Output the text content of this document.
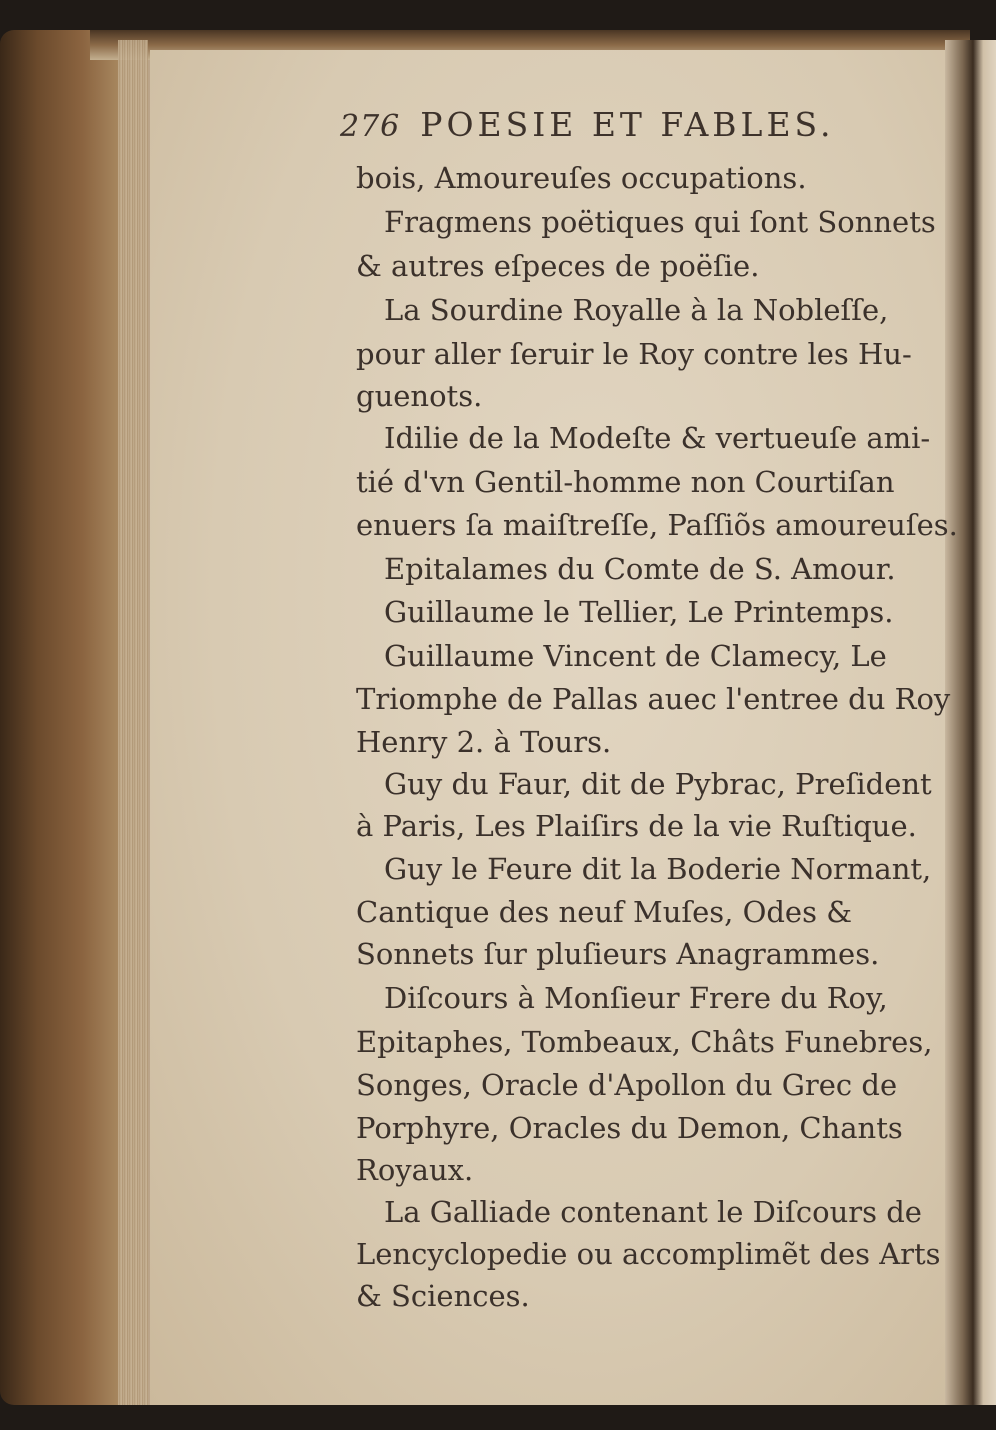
276 POESIE ET FABLES.
bois, Amoureuſes occupations.
Fragmens poëtiques qui ſont Sonnets
& autres eſpeces de poëſie.
La Sourdine Royalle à la Nobleſſe,
pour aller ſeruir le Roy contre les Hu-
guenots.
Idilie de la Modeſte & vertueuſe ami-
tié d'vn Gentil-homme non Courtiſan
enuers ſa maiſtreſſe, Paſſiõs amoureuſes.
Epitalames du Comte de S. Amour.
Guillaume le Tellier, Le Printemps.
Guillaume Vincent de Clamecy, Le
Triomphe de Pallas auec l'entree du Roy
Henry 2. à Tours.
Guy du Faur, dit de Pybrac, Preſident
à Paris, Les Plaiſirs de la vie Ruſtique.
Guy le Feure dit la Boderie Normant,
Cantique des neuf Muſes, Odes &
Sonnets ſur pluſieurs Anagrammes.
Diſcours à Monſieur Frere du Roy,
Epitaphes, Tombeaux, Châts Funebres,
Songes, Oracle d'Apollon du Grec de
Porphyre, Oracles du Demon, Chants
Royaux.
La Galliade contenant le Diſcours de
Lencyclopedie ou accomplimẽt des Arts
& Sciences.
